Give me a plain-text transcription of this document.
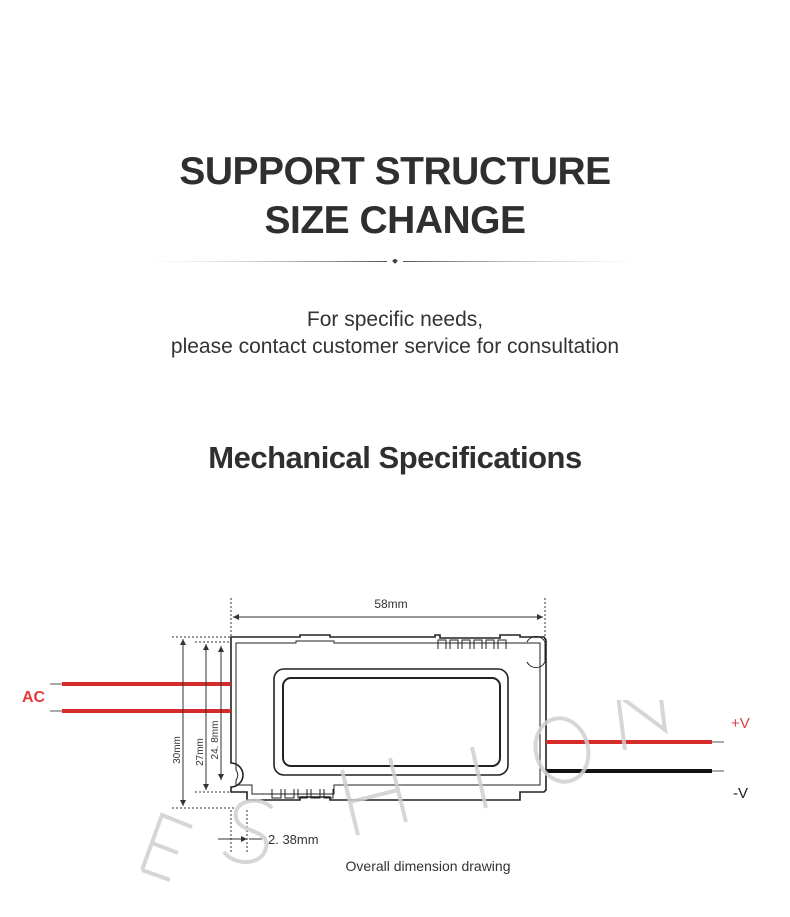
SUPPORT STRUCTURE
SIZE CHANGE
For specific needs,
please contact customer service for consultation
Mechanical Specifications
58mm
AC
+V
-V
30mm 27mm 24. 8mm
2. 38mm
Overall dimension drawing
